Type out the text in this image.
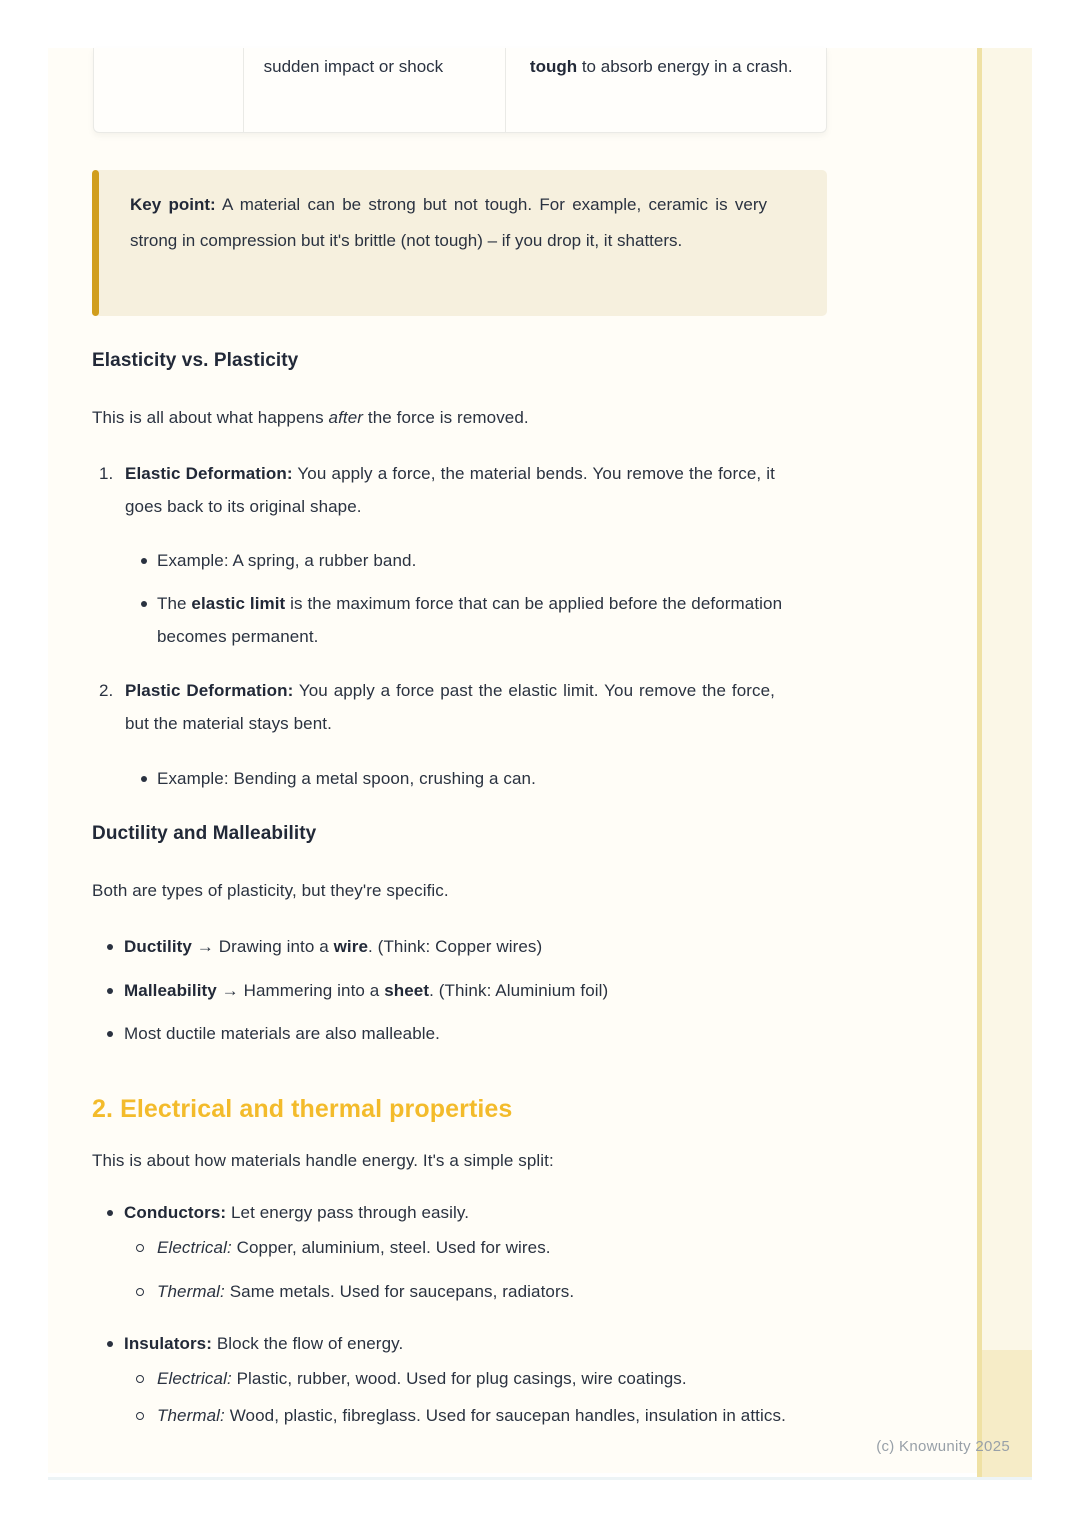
sudden impact or shock	tough to absorb energy in a crash.
Key point: A material can be strong but not tough. For example, ceramic is very strong in compression but it's brittle (not tough) – if you drop it, it shatters.
Elasticity vs. Plasticity
This is all about what happens after the force is removed.
1. Elastic Deformation: You apply a force, the material bends. You remove the force, it goes back to its original shape.
Example: A spring, a rubber band.
The elastic limit is the maximum force that can be applied before the deformation becomes permanent.
2. Plastic Deformation: You apply a force past the elastic limit. You remove the force, but the material stays bent.
Example: Bending a metal spoon, crushing a can.
Ductility and Malleability
Both are types of plasticity, but they're specific.
Ductility → Drawing into a wire. (Think: Copper wires)
Malleability → Hammering into a sheet. (Think: Aluminium foil)
Most ductile materials are also malleable.
2. Electrical and thermal properties
This is about how materials handle energy. It's a simple split:
Conductors: Let energy pass through easily.
Electrical: Copper, aluminium, steel. Used for wires.
Thermal: Same metals. Used for saucepans, radiators.
Insulators: Block the flow of energy.
Electrical: Plastic, rubber, wood. Used for plug casings, wire coatings.
Thermal: Wood, plastic, fibreglass. Used for saucepan handles, insulation in attics.
(c) Knowunity 2025
